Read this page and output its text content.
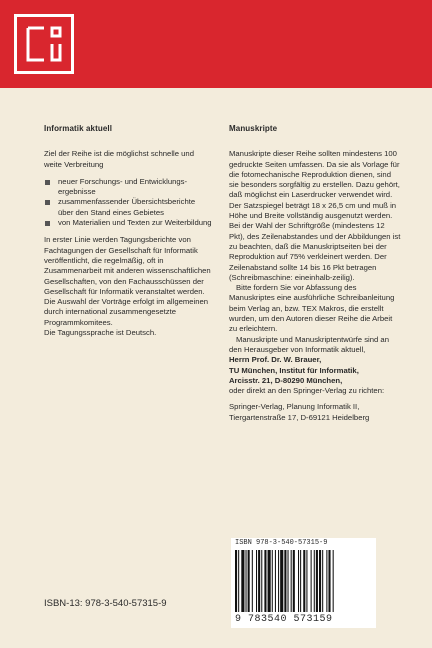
Informatik aktuell

Ziel der Reihe ist die möglichst schnelle und weite Verbreitung

neuer Forschungs- und Entwicklungsergebnisse
zusammenfassender Übersichtsberichte über den Stand eines Gebietes
von Materialien und Texten zur Weiterbildung

In erster Linie werden Tagungsberichte von Fachtagungen der Gesellschaft für Informatik veröffentlicht, die regelmäßig, oft in Zusammenarbeit mit anderen wissenschaftlichen Gesellschaften, von den Fachausschüssen der Gesellschaft für Informatik veranstaltet werden.

Die Auswahl der Vorträge erfolgt im allgemeinen durch international zusammengesetzte Programmkomitees.

Die Tagungssprache ist Deutsch.

Manuskripte

Manuskripte dieser Reihe sollten mindestens 100 gedruckte Seiten umfassen. Da sie als Vorlage für die fotomechanische Reproduktion dienen, sind sie besonders sorgfältig zu erstellen. Dazu gehört, daß möglichst ein Laserdrucker verwendet wird. Der Satzspiegel beträgt 18 x 26,5 cm und muß in Höhe und Breite vollständig ausgenutzt werden. Bei der Wahl der Schriftgröße (mindestens 12 Pkt), des Zeilenabstandes und der Abbildungen ist zu beachten, daß die Manuskriptseiten bei der Reproduktion auf 75% verkleinert werden. Der Zeilenabstand sollte 14 bis 16 Pkt betragen (Schreibmaschine: eineinhalb-zeilig).

Bitte fordern Sie vor Abfassung des Manuskriptes eine ausführliche Schreibanleitung beim Verlag an, bzw. TEX Makros, die erstellt wurden, um den Autoren dieser Reihe die Arbeit zu erleichtern.

Manuskripte und Manuskriptentwürfe sind an den Herausgeber von Informatik aktuell,

Herrn Prof. Dr. W. Brauer,

TU München, Institut für Informatik,

Arcisstr. 21, D-80290 München,

oder direkt an den Springer-Verlag zu richten:

Springer-Verlag, Planung Informatik II,

Tiergartenstraße 17, D-69121 Heidelberg

ISBN 978-3-540-57315-9
9 783540 573159
ISBN-13: 978-3-540-57315-9
